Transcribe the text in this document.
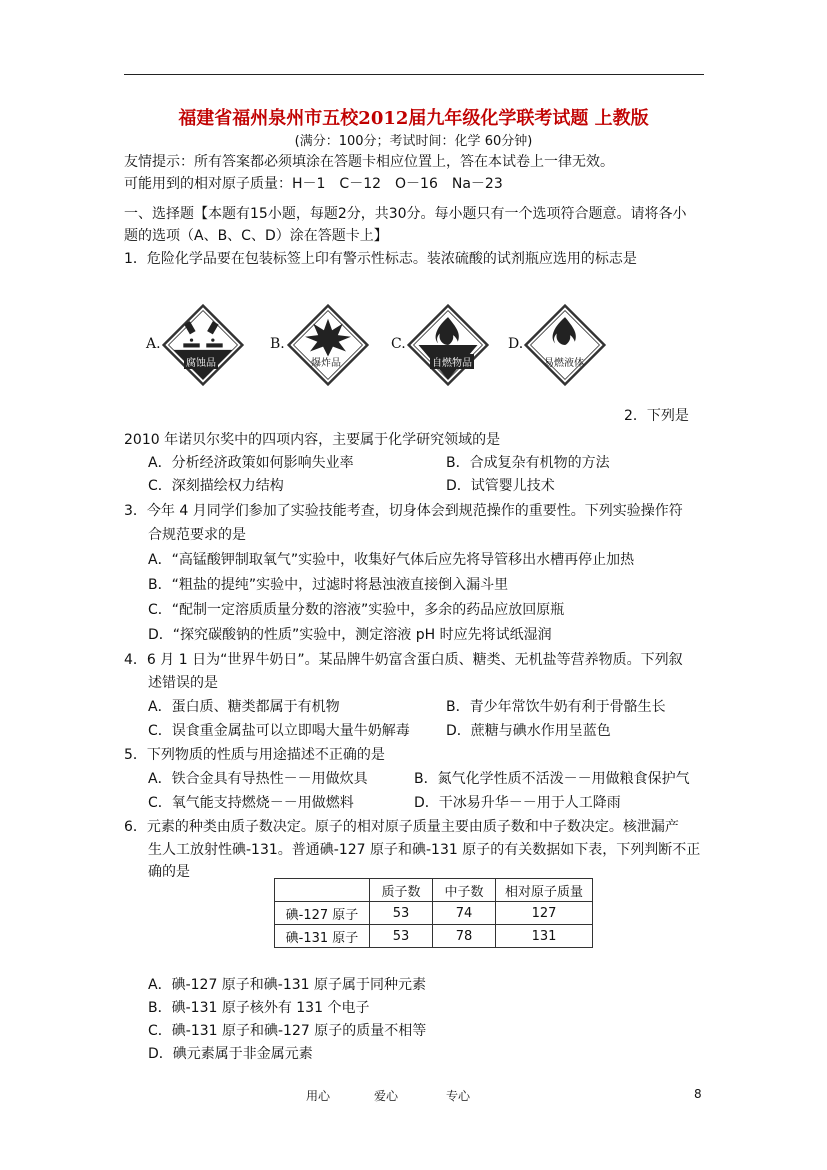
福建省福州泉州市五校2012届九年级化学联考试题 上教版
(满分：100分；考试时间：化学 60分钟)
友情提示：所有答案都必须填涂在答题卡相应位置上，答在本试卷上一律无效。
可能用到的相对原子质量：H－1　C－12　O－16　Na－23
一、选择题【本题有15小题，每题2分，共30分。每小题只有一个选项符合题意。请将各小
题的选项（A、B、C、D）涂在答题卡上】
1．危险化学品要在包装标签上印有警示性标志。装浓硫酸的试剂瓶应选用的标志是
A.
腐蚀品
B.
爆炸品
C.
自燃物品
D.
易燃液体
2．下列是
2010 年诺贝尔奖中的四项内容，主要属于化学研究领域的是
A．分析经济政策如何影响失业率	B．合成复杂有机物的方法
C．深刻描绘权力结构	D．试管婴儿技术
3．今年 4 月同学们参加了实验技能考查，切身体会到规范操作的重要性。下列实验操作符
合规范要求的是
A．“高锰酸钾制取氧气”实验中，收集好气体后应先将导管移出水槽再停止加热
B．“粗盐的提纯”实验中，过滤时将悬浊液直接倒入漏斗里
C．“配制一定溶质质量分数的溶液”实验中，多余的药品应放回原瓶
D．“探究碳酸钠的性质”实验中，测定溶液 pH 时应先将试纸湿润
4．6 月 1 日为“世界牛奶日”。某品牌牛奶富含蛋白质、糖类、无机盐等营养物质。下列叙
述错误的是
A．蛋白质、糖类都属于有机物	B．青少年常饮牛奶有利于骨骼生长
C．误食重金属盐可以立即喝大量牛奶解毒	D．蔗糖与碘水作用呈蓝色
5．下列物质的性质与用途描述不正确的是
A．铁合金具有导热性－－用做炊具	B．氮气化学性质不活泼－－用做粮食保护气
C．氧气能支持燃烧－－用做燃料	D．干冰易升华－－用于人工降雨
6．元素的种类由质子数决定。原子的相对原子质量主要由质子数和中子数决定。核泄漏产
生人工放射性碘-131。普通碘-127 原子和碘-131 原子的有关数据如下表，下列判断不正
确的是
	质子数	中子数	相对原子质量
碘-127 原子	53	74	127
碘-131 原子	53	78	131
A．碘-127 原子和碘-131 原子属于同种元素
B．碘-131 原子核外有 131 个电子
C．碘-131 原子和碘-127 原子的质量不相等
D．碘元素属于非金属元素
用心	爱心	专心	8
